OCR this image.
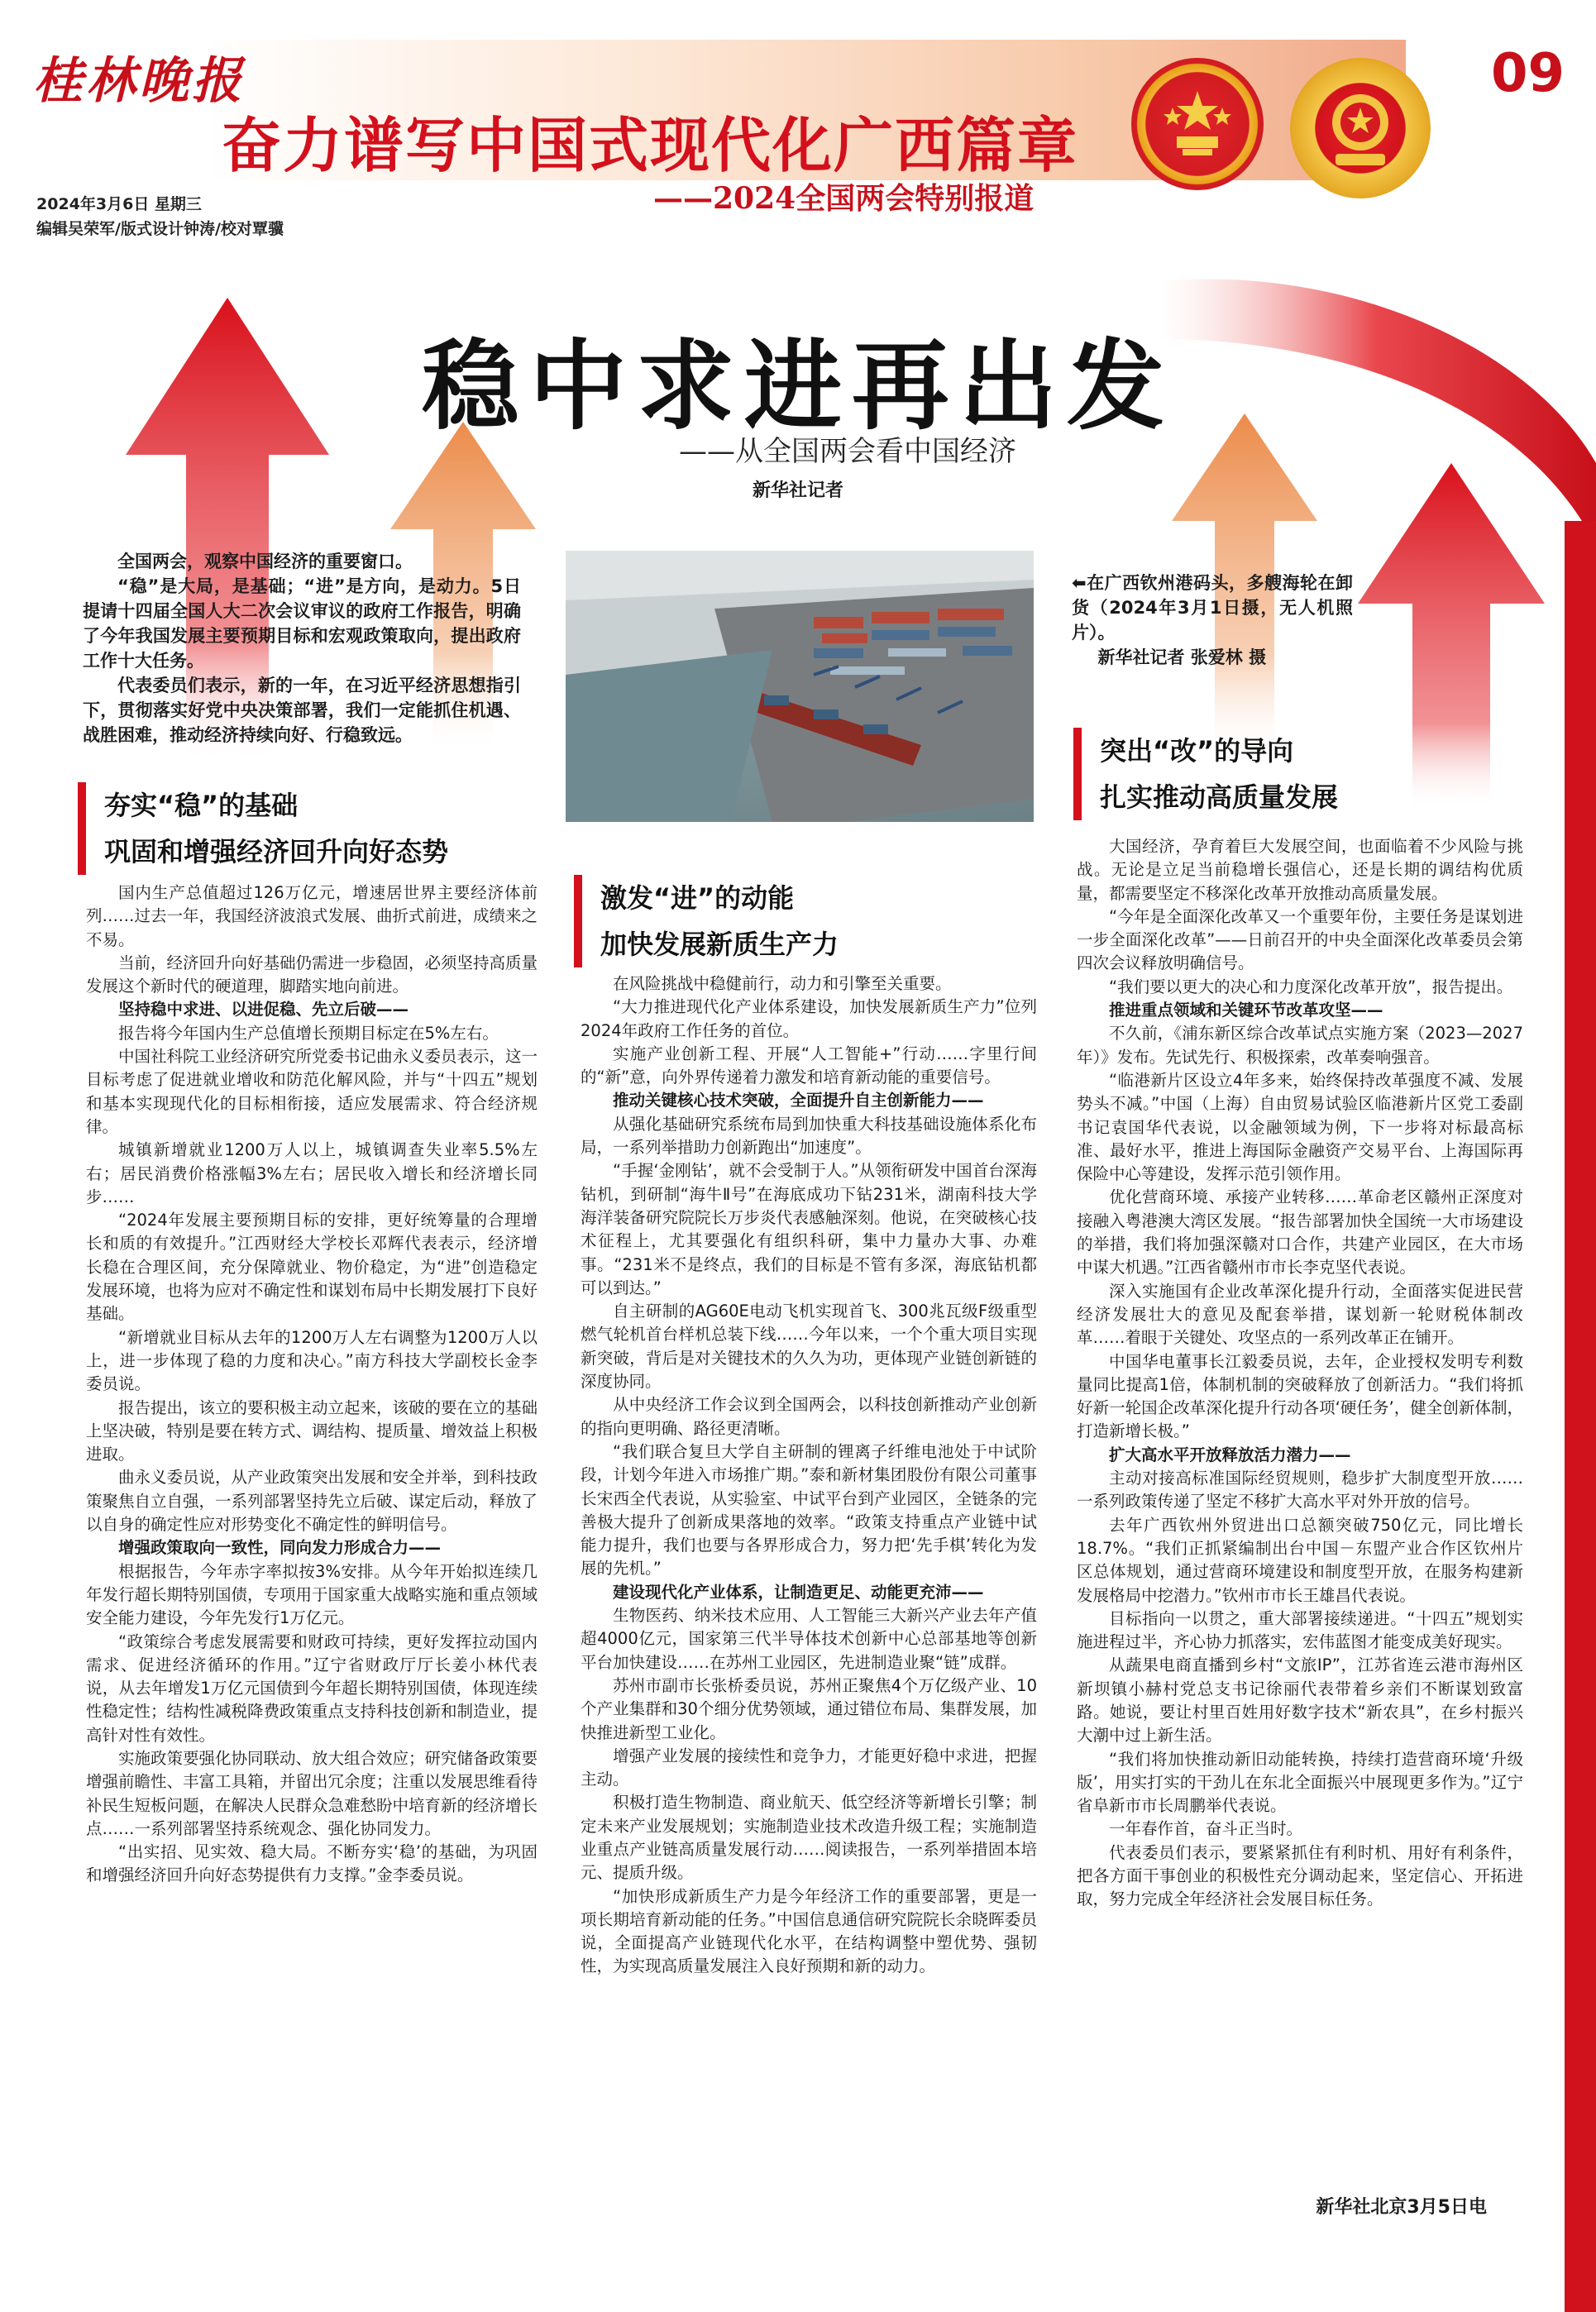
桂林晚报
奋力谱写中国式现代化广西篇章
——2024全国两会特别报道
09
2024年3月6日 星期三
编辑吴荣军/版式设计钟涛/校对覃骥
稳中求进再出发
——从全国两会看中国经济
新华社记者

全国两会，观察中国经济的重要窗口。

“稳”是大局，是基础；“进”是方向，是动力。5日提请十四届全国人大二次会议审议的政府工作报告，明确了今年我国发展主要预期目标和宏观政策取向，提出政府工作十大任务。

代表委员们表示，新的一年，在习近平经济思想指引下，贯彻落实好党中央决策部署，我们一定能抓住机遇、战胜困难，推动经济持续向好、行稳致远。

⬅在广西钦州港码头，多艘海轮在卸货（2024年3月1日摄，无人机照片）。

新华社记者 张爱林 摄

夯实“稳”的基础
巩固和增强经济回升向好态势
激发“进”的动能
加快发展新质生产力
突出“改”的导向
扎实推动高质量发展

国内生产总值超过126万亿元，增速居世界主要经济体前列……过去一年，我国经济波浪式发展、曲折式前进，成绩来之不易。

当前，经济回升向好基础仍需进一步稳固，必须坚持高质量发展这个新时代的硬道理，脚踏实地向前进。

坚持稳中求进、以进促稳、先立后破——

报告将今年国内生产总值增长预期目标定在5%左右。

中国社科院工业经济研究所党委书记曲永义委员表示，这一目标考虑了促进就业增收和防范化解风险，并与“十四五”规划和基本实现现代化的目标相衔接，适应发展需求、符合经济规律。

城镇新增就业1200万人以上，城镇调查失业率5.5%左右；居民消费价格涨幅3%左右；居民收入增长和经济增长同步……

“2024年发展主要预期目标的安排，更好统筹量的合理增长和质的有效提升。”江西财经大学校长邓辉代表表示，经济增长稳在合理区间，充分保障就业、物价稳定，为“进”创造稳定发展环境，也将为应对不确定性和谋划布局中长期发展打下良好基础。

“新增就业目标从去年的1200万人左右调整为1200万人以上，进一步体现了稳的力度和决心。”南方科技大学副校长金李委员说。

报告提出，该立的要积极主动立起来，该破的要在立的基础上坚决破，特别是要在转方式、调结构、提质量、增效益上积极进取。

曲永义委员说，从产业政策突出发展和安全并举，到科技政策聚焦自立自强，一系列部署坚持先立后破、谋定后动，释放了以自身的确定性应对形势变化不确定性的鲜明信号。

增强政策取向一致性，同向发力形成合力——

根据报告，今年赤字率拟按3%安排。从今年开始拟连续几年发行超长期特别国债，专项用于国家重大战略实施和重点领域安全能力建设，今年先发行1万亿元。

“政策综合考虑发展需要和财政可持续，更好发挥拉动国内需求、促进经济循环的作用。”辽宁省财政厅厅长姜小林代表说，从去年增发1万亿元国债到今年超长期特别国债，体现连续性稳定性；结构性减税降费政策重点支持科技创新和制造业，提高针对性有效性。

实施政策要强化协同联动、放大组合效应；研究储备政策要增强前瞻性、丰富工具箱，并留出冗余度；注重以发展思维看待补民生短板问题，在解决人民群众急难愁盼中培育新的经济增长点……一系列部署坚持系统观念、强化协同发力。

“出实招、见实效、稳大局。不断夯实‘稳’的基础，为巩固和增强经济回升向好态势提供有力支撑。”金李委员说。

在风险挑战中稳健前行，动力和引擎至关重要。

“大力推进现代化产业体系建设，加快发展新质生产力”位列2024年政府工作任务的首位。

实施产业创新工程、开展“人工智能+”行动……字里行间的“新”意，向外界传递着力激发和培育新动能的重要信号。

推动关键核心技术突破，全面提升自主创新能力——

从强化基础研究系统布局到加快重大科技基础设施体系化布局，一系列举措助力创新跑出“加速度”。

“手握‘金刚钻’，就不会受制于人。”从领衔研发中国首台深海钻机，到研制“海牛Ⅱ号”在海底成功下钻231米，湖南科技大学海洋装备研究院院长万步炎代表感触深刻。他说，在突破核心技术征程上，尤其要强化有组织科研，集中力量办大事、办难事。“231米不是终点，我们的目标是不管有多深，海底钻机都可以到达。”

自主研制的AG60E电动飞机实现首飞、300兆瓦级F级重型燃气轮机首台样机总装下线……今年以来，一个个重大项目实现新突破，背后是对关键技术的久久为功，更体现产业链创新链的深度协同。

从中央经济工作会议到全国两会，以科技创新推动产业创新的指向更明确、路径更清晰。

“我们联合复旦大学自主研制的锂离子纤维电池处于中试阶段，计划今年进入市场推广期。”泰和新材集团股份有限公司董事长宋西全代表说，从实验室、中试平台到产业园区，全链条的完善极大提升了创新成果落地的效率。“政策支持重点产业链中试能力提升，我们也要与各界形成合力，努力把‘先手棋’转化为发展的先机。”

建设现代化产业体系，让制造更足、动能更充沛——

生物医药、纳米技术应用、人工智能三大新兴产业去年产值超4000亿元，国家第三代半导体技术创新中心总部基地等创新平台加快建设……在苏州工业园区，先进制造业聚“链”成群。

苏州市副市长张桥委员说，苏州正聚焦4个万亿级产业、10个产业集群和30个细分优势领域，通过错位布局、集群发展，加快推进新型工业化。

增强产业发展的接续性和竞争力，才能更好稳中求进，把握主动。

积极打造生物制造、商业航天、低空经济等新增长引擎；制定未来产业发展规划；实施制造业技术改造升级工程；实施制造业重点产业链高质量发展行动……阅读报告，一系列举措固本培元、提质升级。

“加快形成新质生产力是今年经济工作的重要部署，更是一项长期培育新动能的任务。”中国信息通信研究院院长余晓晖委员说，全面提高产业链现代化水平，在结构调整中塑优势、强韧性，为实现高质量发展注入良好预期和新的动力。

大国经济，孕育着巨大发展空间，也面临着不少风险与挑战。无论是立足当前稳增长强信心，还是长期的调结构优质量，都需要坚定不移深化改革开放推动高质量发展。

“今年是全面深化改革又一个重要年份，主要任务是谋划进一步全面深化改革”——日前召开的中央全面深化改革委员会第四次会议释放明确信号。

“我们要以更大的决心和力度深化改革开放”，报告提出。

推进重点领域和关键环节改革攻坚——

不久前，《浦东新区综合改革试点实施方案（2023—2027年）》发布。先试先行、积极探索，改革奏响强音。

“临港新片区设立4年多来，始终保持改革强度不减、发展势头不减。”中国（上海）自由贸易试验区临港新片区党工委副书记袁国华代表说，以金融领域为例，下一步将对标最高标准、最好水平，推进上海国际金融资产交易平台、上海国际再保险中心等建设，发挥示范引领作用。

优化营商环境、承接产业转移……革命老区赣州正深度对接融入粤港澳大湾区发展。“报告部署加快全国统一大市场建设的举措，我们将加强深赣对口合作，共建产业园区，在大市场中谋大机遇。”江西省赣州市市长李克坚代表说。

深入实施国有企业改革深化提升行动，全面落实促进民营经济发展壮大的意见及配套举措，谋划新一轮财税体制改革……着眼于关键处、攻坚点的一系列改革正在铺开。

中国华电董事长江毅委员说，去年，企业授权发明专利数量同比提高1倍，体制机制的突破释放了创新活力。“我们将抓好新一轮国企改革深化提升行动各项‘硬任务’，健全创新体制，打造新增长极。”

扩大高水平开放释放活力潜力——

主动对接高标准国际经贸规则，稳步扩大制度型开放……一系列政策传递了坚定不移扩大高水平对外开放的信号。

去年广西钦州外贸进出口总额突破750亿元，同比增长18.7%。“我们正抓紧编制出台中国－东盟产业合作区钦州片区总体规划，通过营商环境建设和制度型开放，在服务构建新发展格局中挖潜力。”钦州市市长王雄昌代表说。

目标指向一以贯之，重大部署接续递进。“十四五”规划实施进程过半，齐心协力抓落实，宏伟蓝图才能变成美好现实。

从蔬果电商直播到乡村“文旅IP”，江苏省连云港市海州区新坝镇小赫村党总支书记徐丽代表带着乡亲们不断谋划致富路。她说，要让村里百姓用好数字技术“新农具”，在乡村振兴大潮中过上新生活。

“我们将加快推动新旧动能转换，持续打造营商环境‘升级版’，用实打实的干劲儿在东北全面振兴中展现更多作为。”辽宁省阜新市市长周鹏举代表说。

一年春作首，奋斗正当时。

代表委员们表示，要紧紧抓住有利时机、用好有利条件，把各方面干事创业的积极性充分调动起来，坚定信心、开拓进取，努力完成全年经济社会发展目标任务。

新华社北京3月5日电
